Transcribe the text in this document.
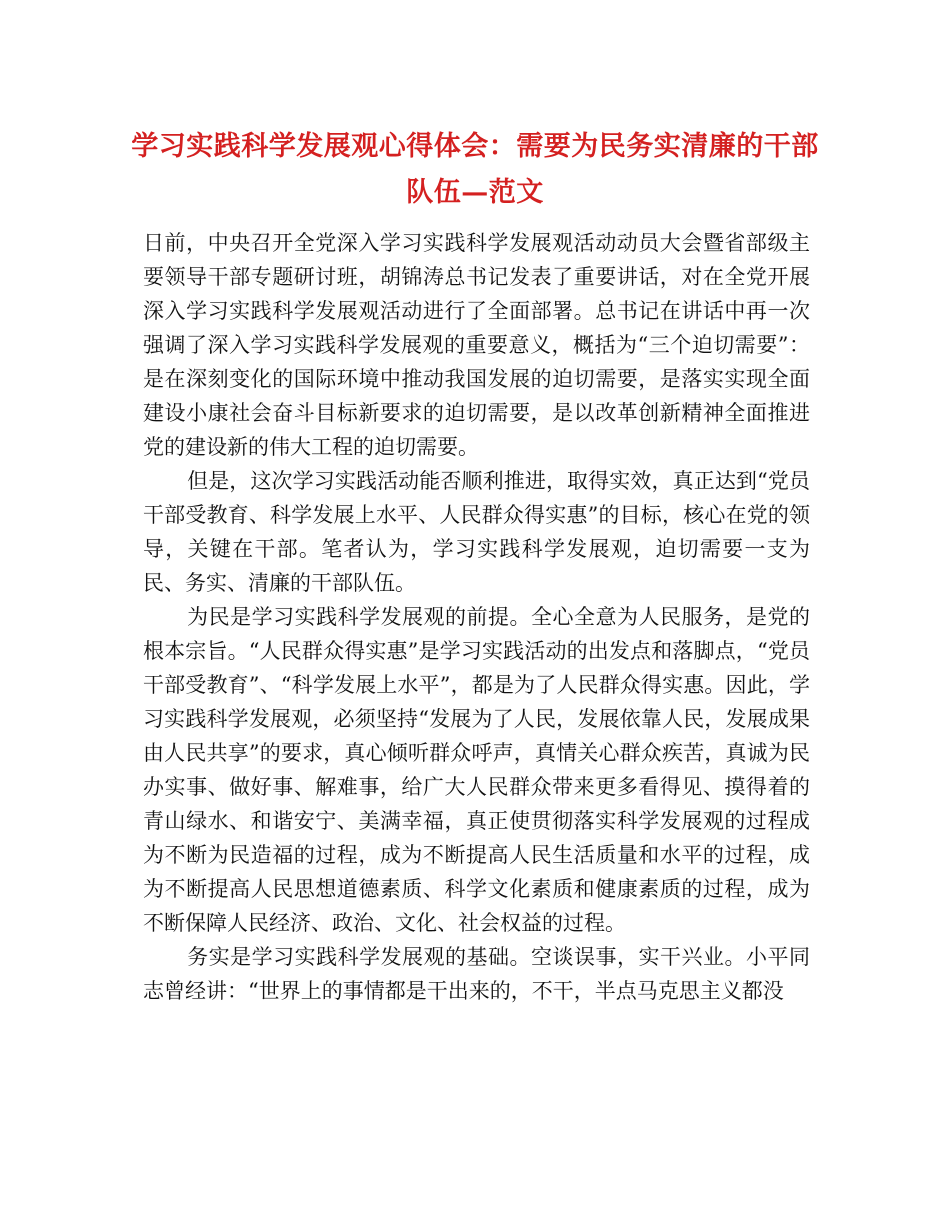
学习实践科学发展观心得体会：需要为民务实清廉的干部队伍—范文

日前，中央召开全党深入学习实践科学发展观活动动员大会暨省部级主要领导干部专题研讨班，胡锦涛总书记发表了重要讲话，对在全党开展深入学习实践科学发展观活动进行了全面部署。总书记在讲话中再一次强调了深入学习实践科学发展观的重要意义，概括为“三个迫切需要”：是在深刻变化的国际环境中推动我国发展的迫切需要，是落实实现全面建设小康社会奋斗目标新要求的迫切需要，是以改革创新精神全面推进党的建设新的伟大工程的迫切需要。

但是，这次学习实践活动能否顺利推进，取得实效，真正达到“党员干部受教育、科学发展上水平、人民群众得实惠”的目标，核心在党的领导，关键在干部。笔者认为，学习实践科学发展观，迫切需要一支为民、务实、清廉的干部队伍。

为民是学习实践科学发展观的前提。全心全意为人民服务，是党的根本宗旨。“人民群众得实惠”是学习实践活动的出发点和落脚点，“党员干部受教育”、“科学发展上水平”，都是为了人民群众得实惠。因此，学习实践科学发展观，必须坚持“发展为了人民，发展依靠人民，发展成果由人民共享”的要求，真心倾听群众呼声，真情关心群众疾苦，真诚为民办实事、做好事、解难事，给广大人民群众带来更多看得见、摸得着的青山绿水、和谐安宁、美满幸福，真正使贯彻落实科学发展观的过程成为不断为民造福的过程，成为不断提高人民生活质量和水平的过程，成为不断提高人民思想道德素质、科学文化素质和健康素质的过程，成为不断保障人民经济、政治、文化、社会权益的过程。

务实是学习实践科学发展观的基础。空谈误事，实干兴业。小平同志曾经讲：“世界上的事情都是干出来的，不干，半点马克思主义都没
